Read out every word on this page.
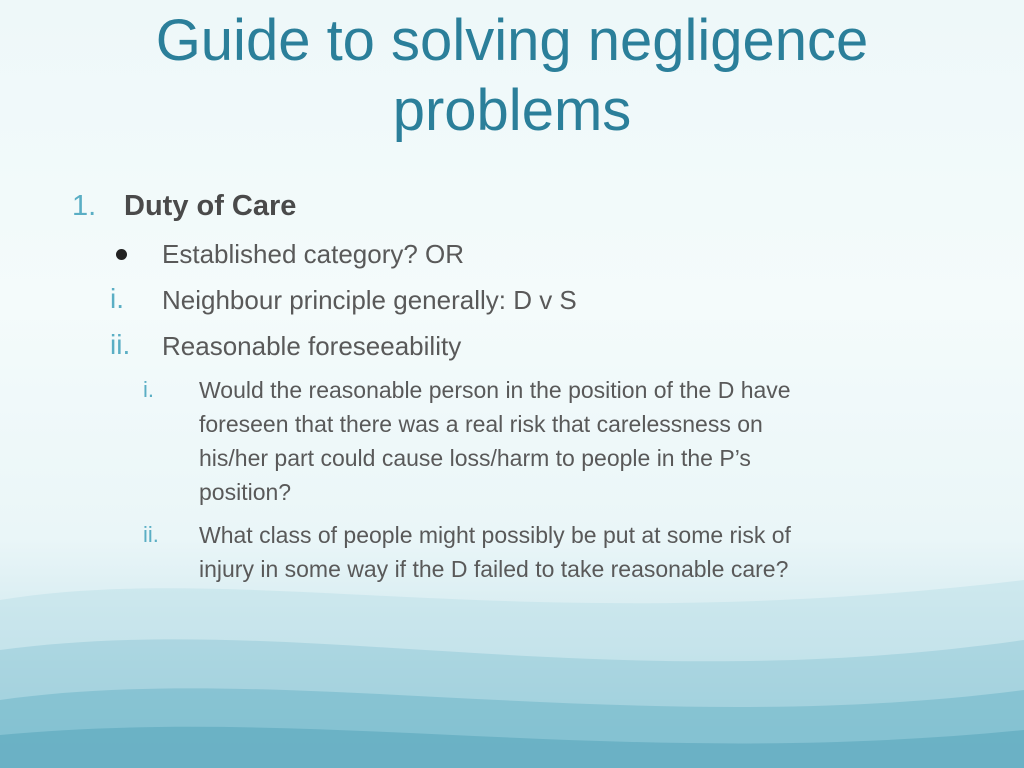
Guide to solving negligence
problems
1. Duty of Care
Established category? OR
i. Neighbour principle generally: D v S
ii. Reasonable foreseeability
i. Would the reasonable person in the position of the D have
foreseen that there was a real risk that carelessness on
his/her part could cause loss/harm to people in the P’s
position?
ii. What class of people might possibly be put at some risk of
injury in some way if the D failed to take reasonable care?
